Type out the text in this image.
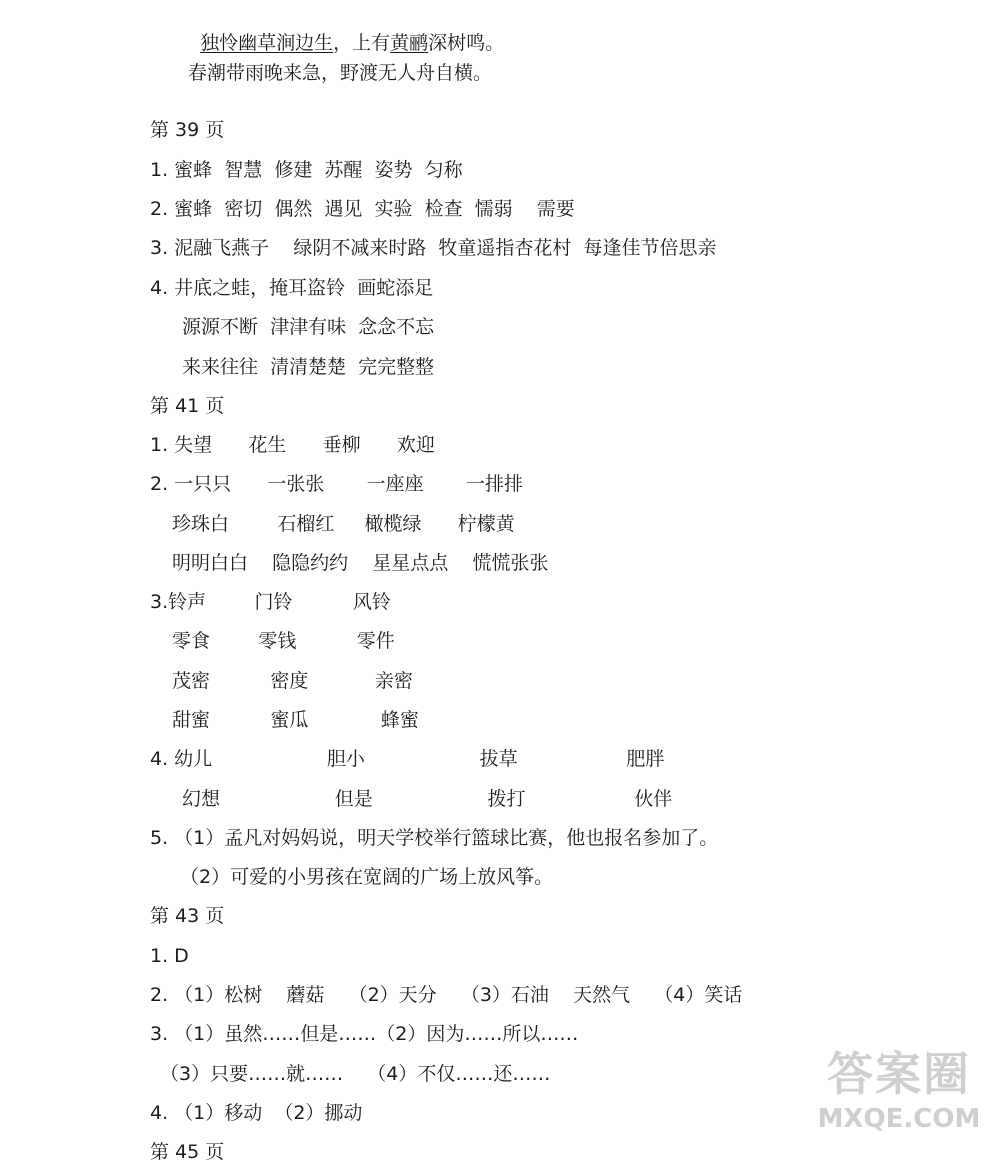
独怜幽草涧边生，上有黄鹂深树鸣。

春潮带雨晚来急，野渡无人舟自横。
第 39 页
1. 蜜蜂  智慧  修建  苏醒  姿势  匀称
2. 蜜蜂  密切  偶然  遇见  实验  检查  懦弱    需要
3. 泥融飞燕子    绿阴不减来时路  牧童遥指杏花村  每逢佳节倍思亲
4. 井底之蛙，掩耳盗铃  画蛇添足
源源不断  津津有味  念念不忘
来来往往  清清楚楚  完完整整
第 41 页
1. 失望      花生      垂柳      欢迎
2. 一只只      一张张       一座座       一排排
珍珠白        石榴红     橄榄绿      柠檬黄
明明白白    隐隐约约    星星点点    慌慌张张
3.铃声        门铃          风铃
零食        零钱          零件
茂密          密度           亲密
甜蜜          蜜瓜            蜂蜜
4. 幼儿                   胆小                   拔草                  肥胖
幻想                   但是                   拨打                  伙伴
5. （1）孟凡对妈妈说，明天学校举行篮球比赛，他也报名参加了。
（2）可爱的小男孩在宽阔的广场上放风筝。
第 43 页
1. D
2. （1）松树    蘑菇    （2）天分    （3）石油    天然气    （4）笑话
3. （1）虽然……但是……（2）因为……所以……
（3）只要……就……    （4）不仅……还……
4. （1）移动  （2）挪动
第 45 页
答案圈
MXQE.COM
